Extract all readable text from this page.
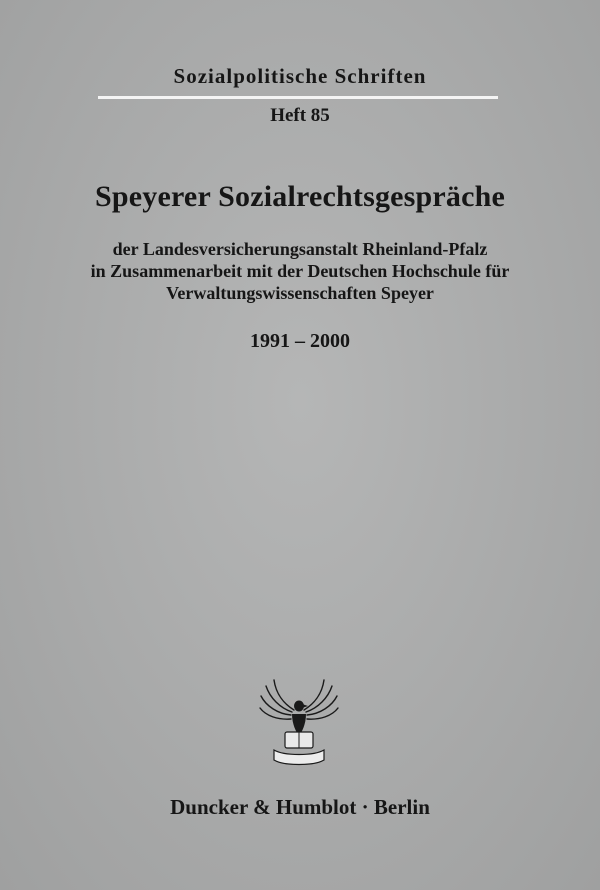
Sozialpolitische Schriften
Heft 85
Speyerer Sozialrechtsgespräche
der Landesversicherungsanstalt Rheinland-Pfalz
in Zusammenarbeit mit der Deutschen Hochschule für
Verwaltungswissenschaften Speyer
1991 – 2000
Duncker & Humblot · Berlin
